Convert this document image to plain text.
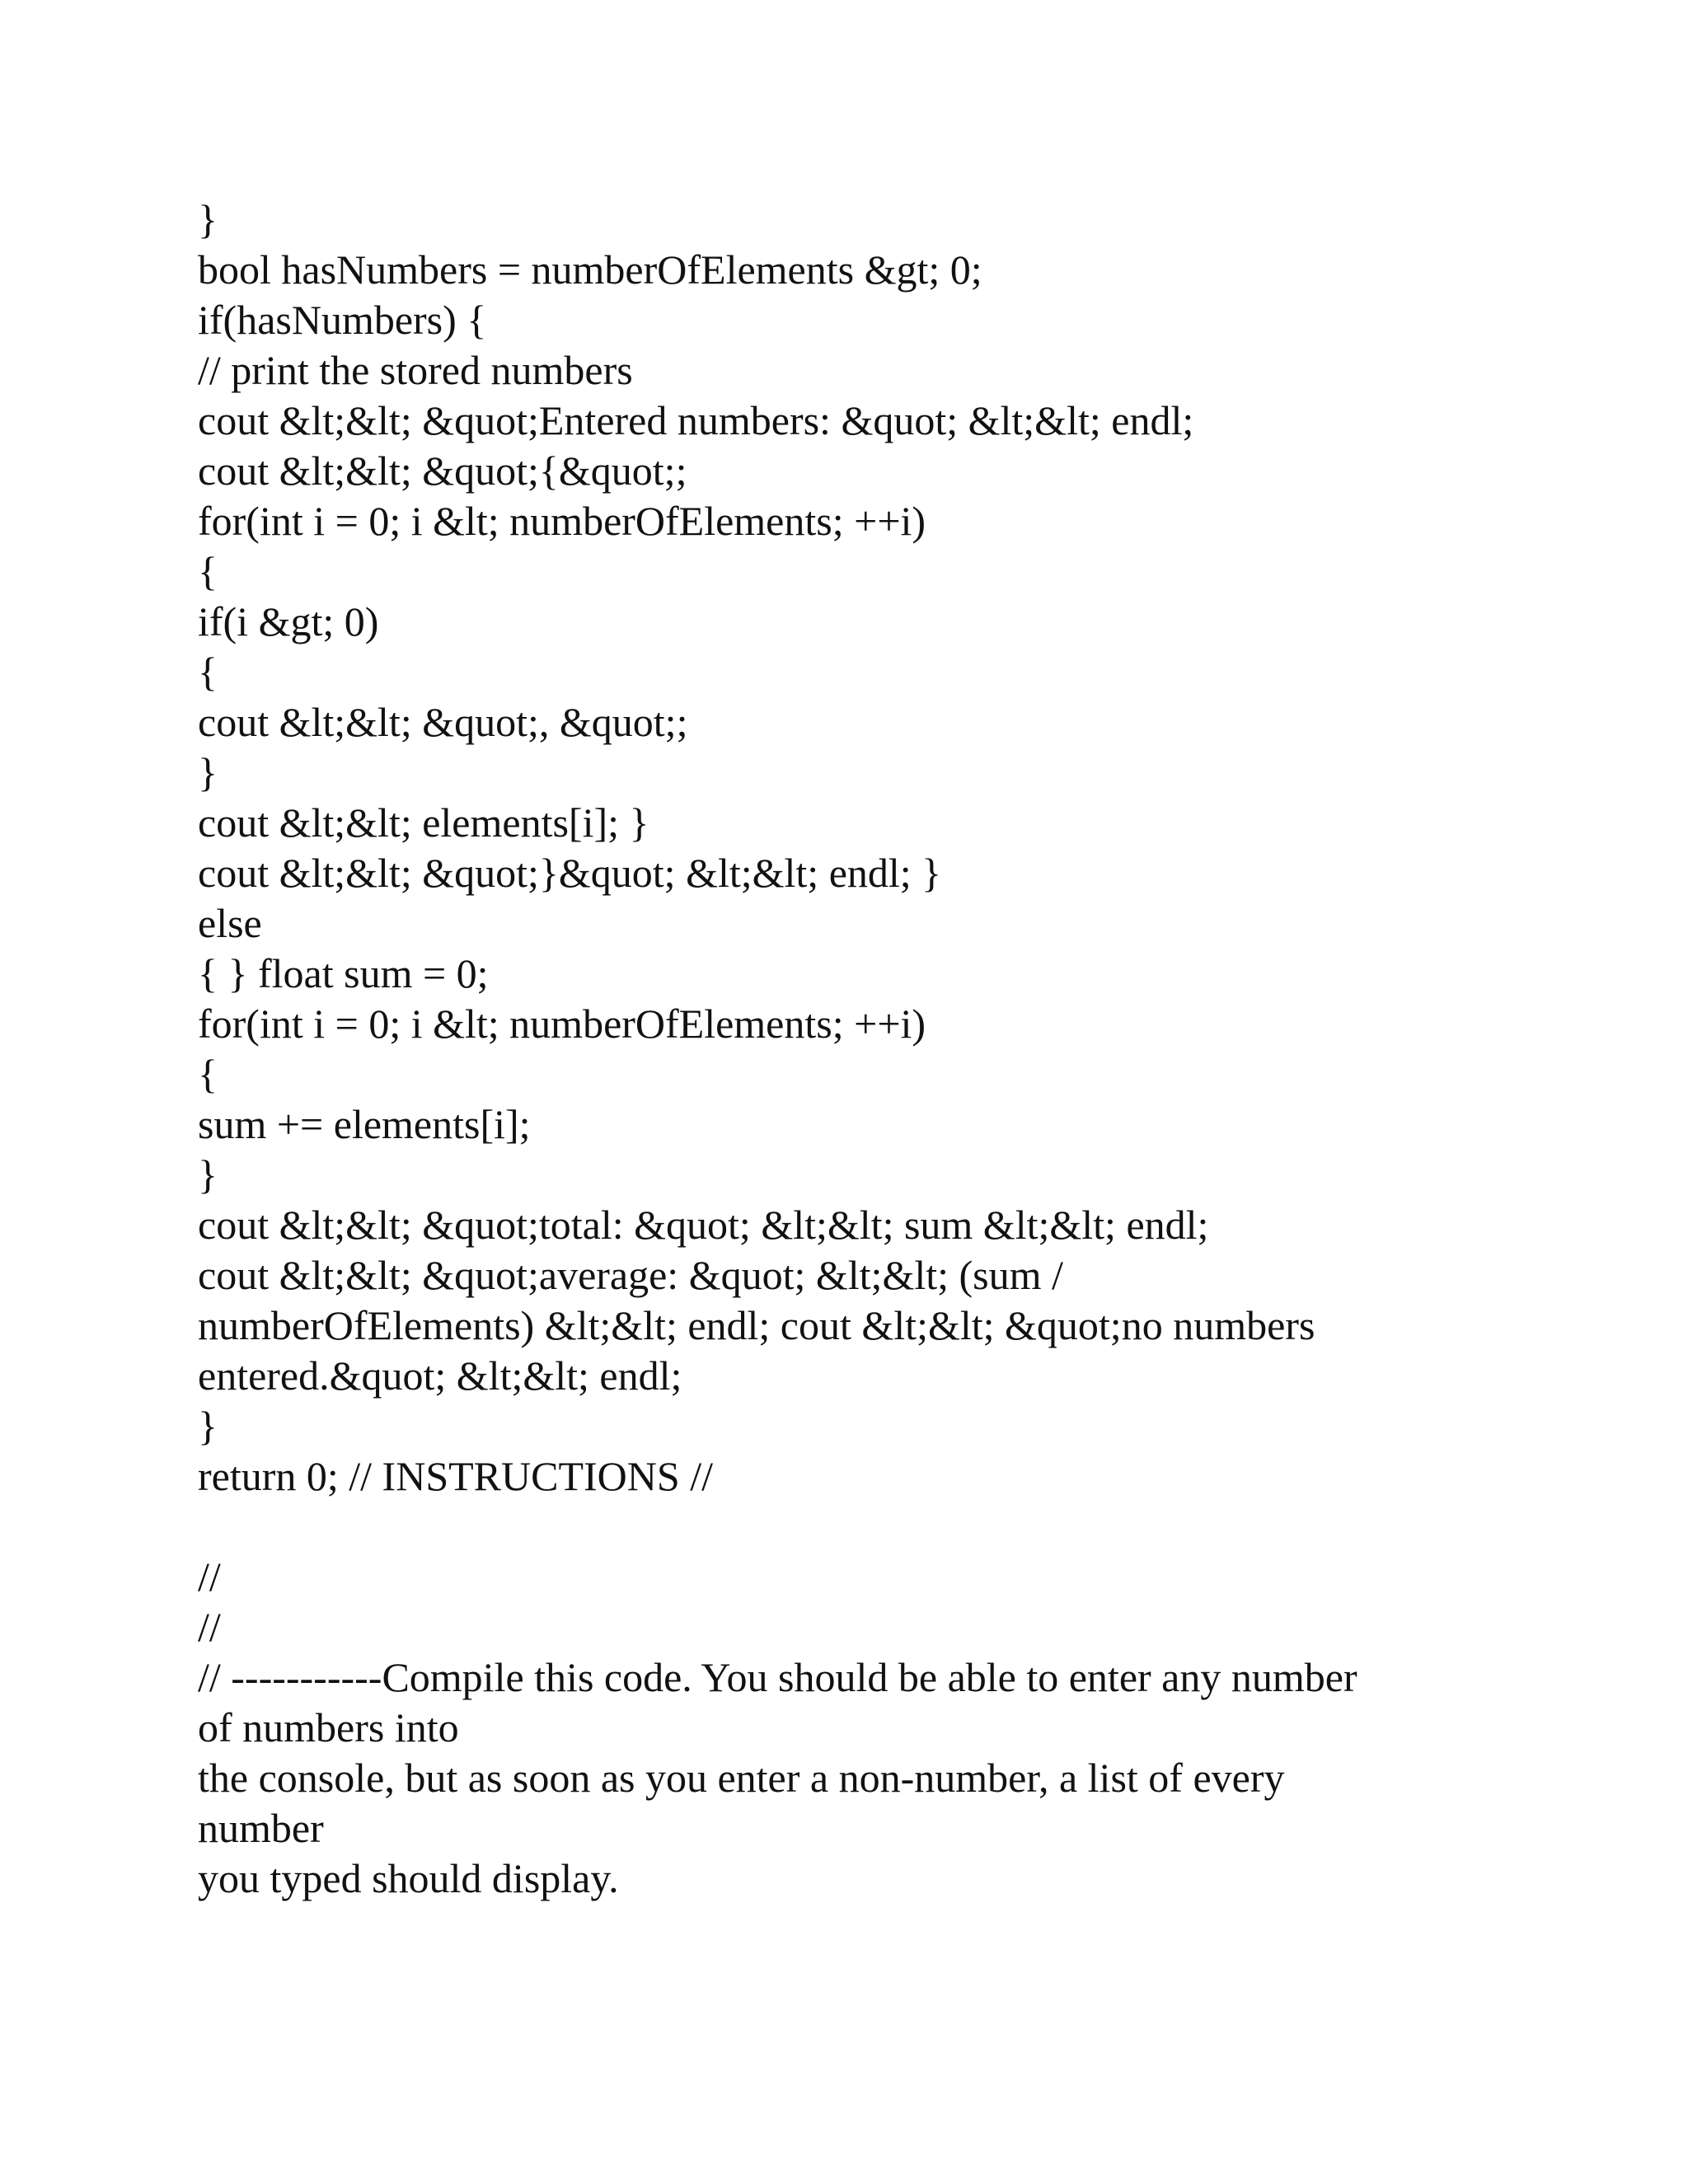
}
bool hasNumbers = numberOfElements &gt; 0;
if(hasNumbers) {
// print the stored numbers
cout &lt;&lt; &quot;Entered numbers: &quot; &lt;&lt; endl;
cout &lt;&lt; &quot;{&quot;;
for(int i = 0; i &lt; numberOfElements; ++i)
{
if(i &gt; 0)
{
cout &lt;&lt; &quot;, &quot;;
}
cout &lt;&lt; elements[i]; }
cout &lt;&lt; &quot;}&quot; &lt;&lt; endl; }
else
{ } float sum = 0;
for(int i = 0; i &lt; numberOfElements; ++i)
{
sum += elements[i];
}
cout &lt;&lt; &quot;total: &quot; &lt;&lt; sum &lt;&lt; endl;
cout &lt;&lt; &quot;average: &quot; &lt;&lt; (sum /
numberOfElements) &lt;&lt; endl; cout &lt;&lt; &quot;no numbers
entered.&quot; &lt;&lt; endl;
}
return 0; // INSTRUCTIONS //
//
//
// -----------Compile this code. You should be able to enter any number
of numbers into
the console, but as soon as you enter a non-number, a list of every
number
you typed should display.
